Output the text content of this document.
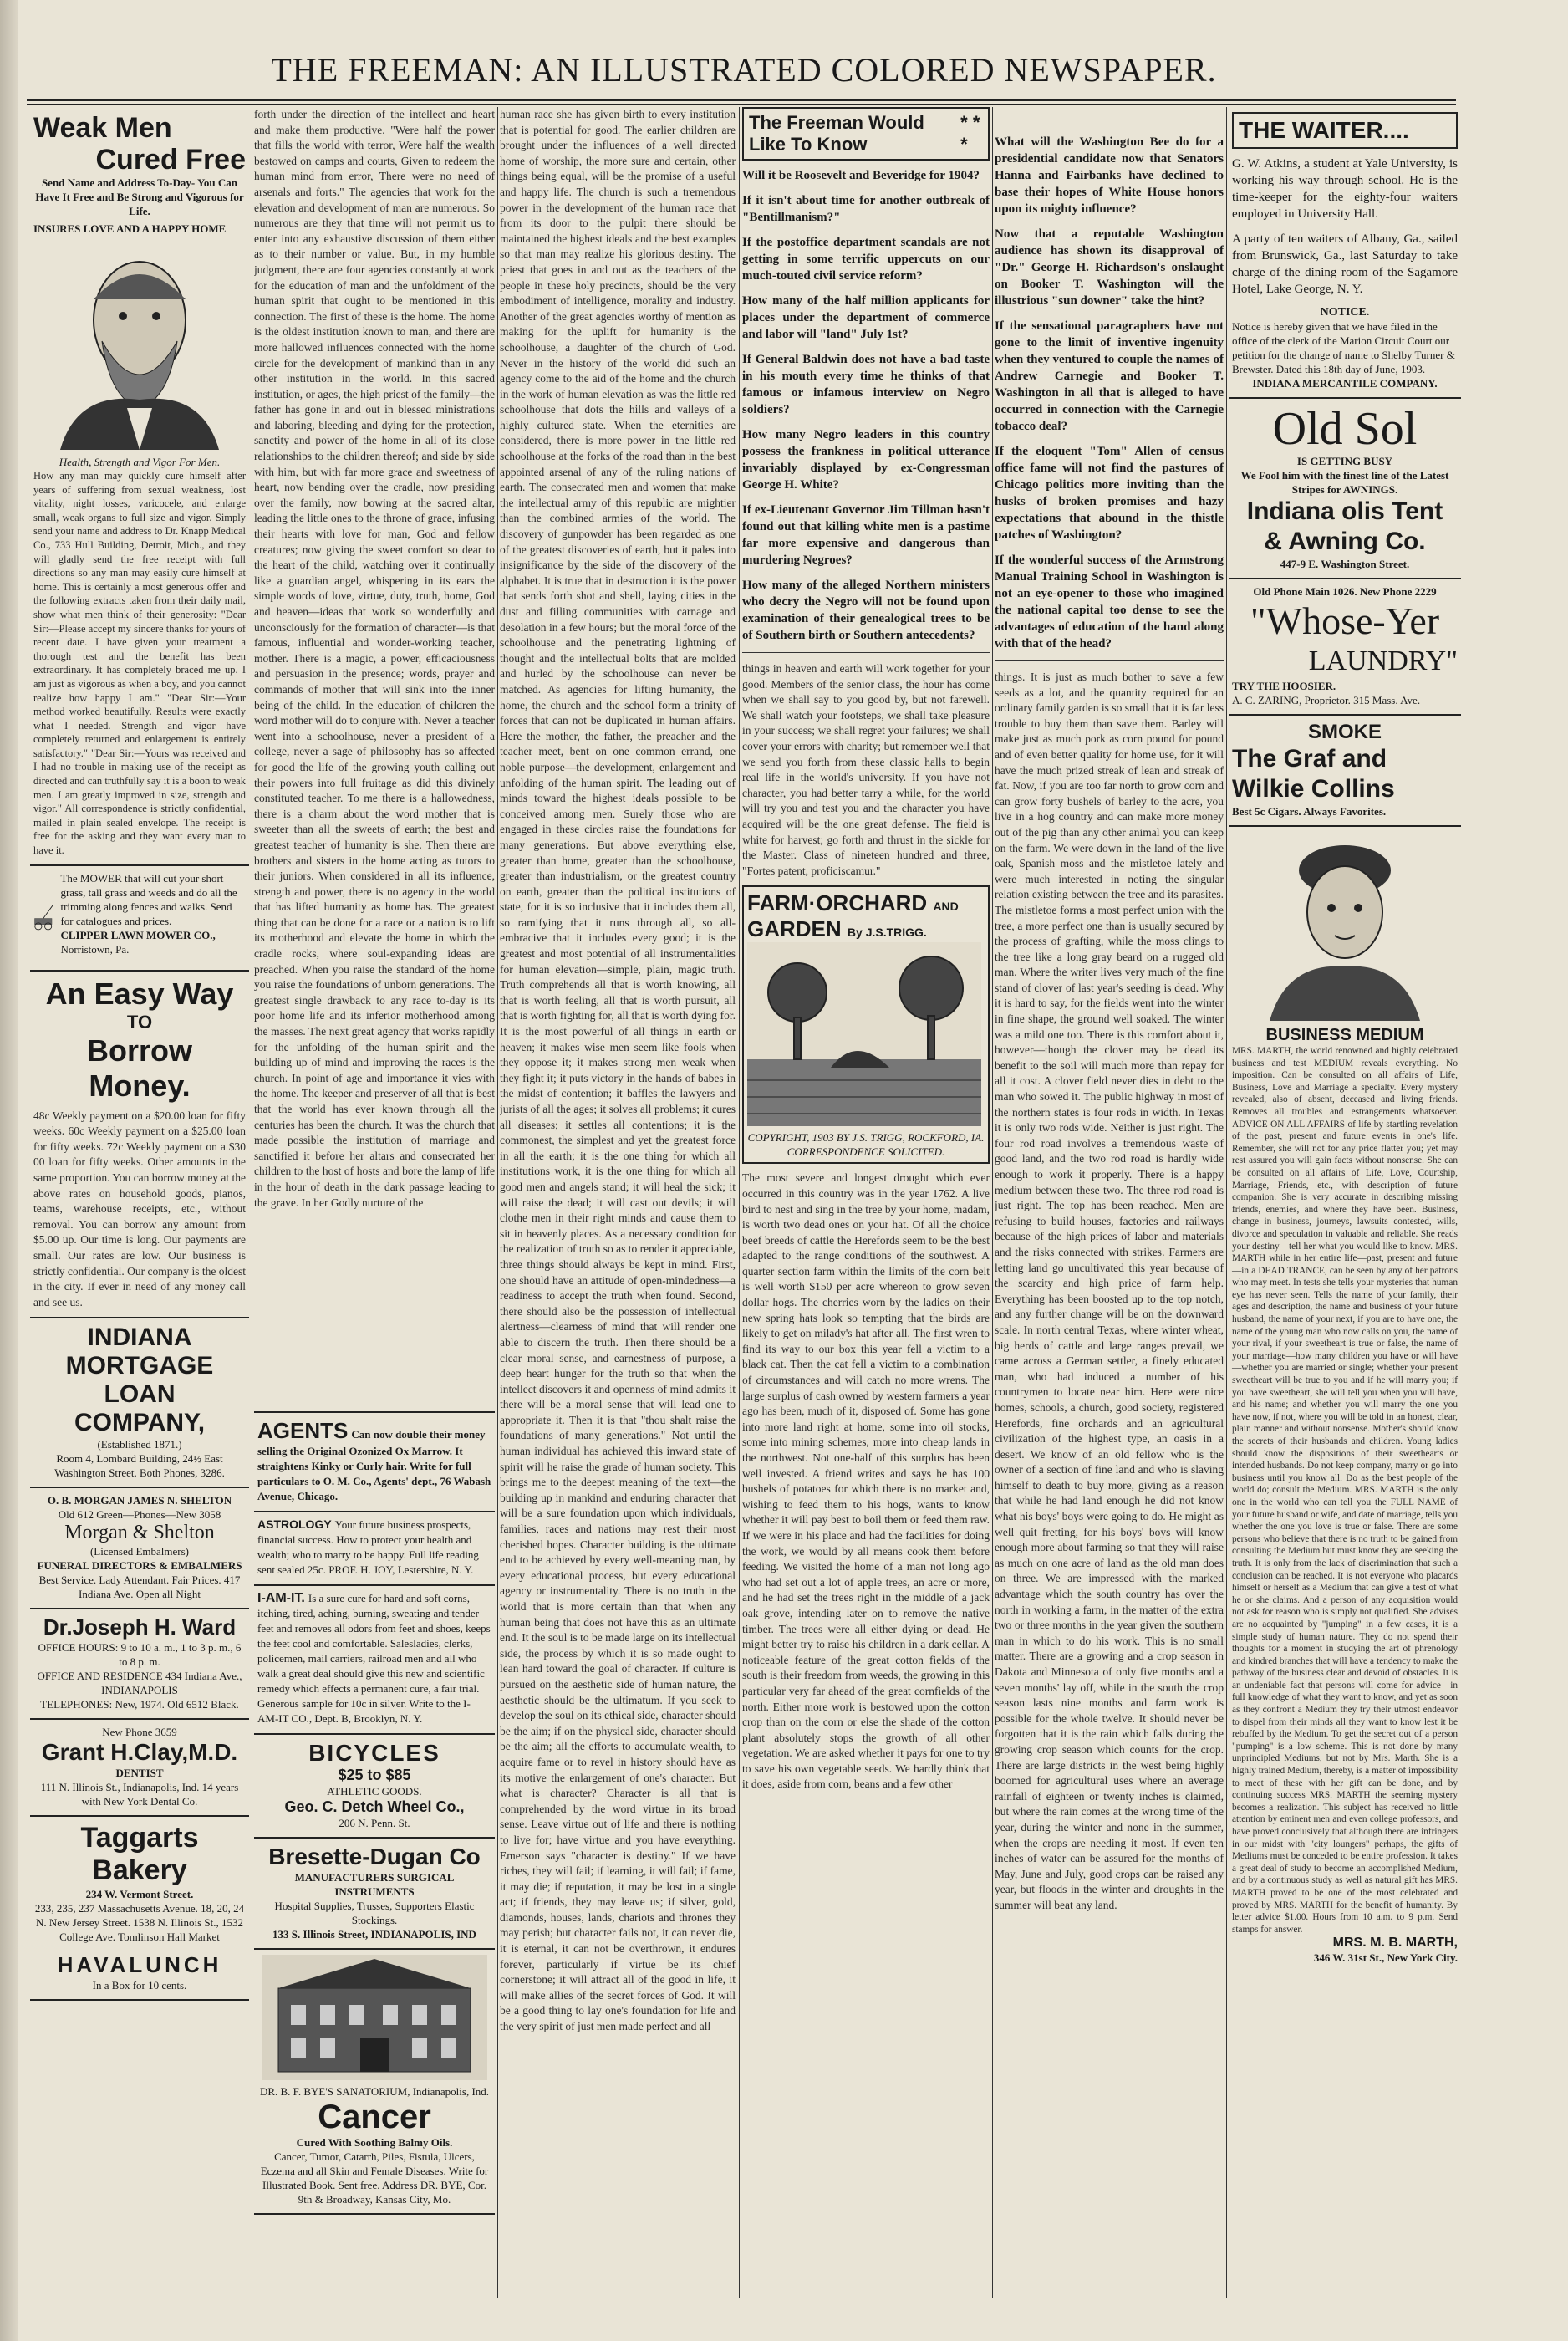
THE FREEMAN: AN ILLUSTRATED COLORED NEWSPAPER.
Weak Men
Cured Free
Send Name and Address To-Day- You Can Have It Free and Be Strong and Vigorous for Life.
INSURES LOVE AND A HAPPY HOME
Health, Strength and Vigor For Men.
How any man may quickly cure himself after years of suffering from sexual weakness, lost vitality, night losses, varicocele, and enlarge small, weak organs to full size and vigor. Simply send your name and address to Dr. Knapp Medical Co., 733 Hull Building, Detroit, Mich., and they will gladly send the free receipt with full directions so any man may easily cure himself at home. This is certainly a most generous offer and the following extracts taken from their daily mail, show what men think of their generosity: "Dear Sir:—Please accept my sincere thanks for yours of recent date. I have given your treatment a thorough test and the benefit has been extraordinary. It has completely braced me up. I am just as vigorous as when a boy, and you cannot realize how happy I am." "Dear Sir:—Your method worked beautifully. Results were exactly what I needed. Strength and vigor have completely returned and enlargement is entirely satisfactory." "Dear Sir:—Yours was received and I had no trouble in making use of the receipt as directed and can truthfully say it is a boon to weak men. I am greatly improved in size, strength and vigor." All correspondence is strictly confidential, mailed in plain sealed envelope. The receipt is free for the asking and they want every man to have it.
The MOWER that will cut your short grass, tall grass and weeds and do all the trimming along fences and walks. Send for catalogues and prices.
CLIPPER LAWN MOWER CO.,
Norristown, Pa.
An Easy Way
TO
Borrow Money.
48c Weekly payment on a $20.00 loan for fifty weeks. 60c Weekly payment on a $25.00 loan for fifty weeks. 72c Weekly payment on a $30 00 loan for fifty weeks. Other amounts in the same proportion. You can borrow money at the above rates on household goods, pianos, teams, warehouse receipts, etc., without removal. You can borrow any amount from $5.00 up. Our time is long. Our payments are small. Our rates are low. Our business is strictly confidential. Our company is the oldest in the city. If ever in need of any money call and see us.
INDIANA
MORTGAGE LOAN
COMPANY,
(Established 1871.)
Room 4, Lombard Building, 24½ East Washington Street. Both Phones, 3286.
O. B. MORGAN JAMES N. SHELTON
Old 612 Green—Phones—New 3058
Morgan & Shelton
(Licensed Embalmers)
FUNERAL DIRECTORS & EMBALMERS
Best Service. Lady Attendant. Fair Prices. 417 Indiana Ave. Open all Night
Dr.Joseph H. Ward
OFFICE HOURS: 9 to 10 a. m., 1 to 3 p. m., 6 to 8 p. m.
OFFICE AND RESIDENCE 434 Indiana Ave., INDIANAPOLIS
TELEPHONES: New, 1974. Old 6512 Black.
New Phone 3659
Grant H.Clay,M.D.
DENTIST
111 N. Illinois St., Indianapolis, Ind. 14 years with New York Dental Co.
Taggarts Bakery
234 W. Vermont Street.
233, 235, 237 Massachusetts Avenue. 18, 20, 24 N. New Jersey Street. 1538 N. Illinois St., 1532 College Ave. Tomlinson Hall Market
HAVALUNCH
In a Box for 10 cents.
forth under the direction of the intellect and heart and make them productive. "Were half the power that fills the world with terror, Were half the wealth bestowed on camps and courts, Given to redeem the human mind from error, There were no need of arsenals and forts." The agencies that work for the elevation and development of man are numerous. So numerous are they that time will not permit us to enter into any exhaustive discussion of them either as to their number or value. But, in my humble judgment, there are four agencies constantly at work for the education of man and the unfoldment of the human spirit that ought to be mentioned in this connection. The first of these is the home. The home is the oldest institution known to man, and there are more hallowed influences connected with the home circle for the development of mankind than in any other institution in the world. In this sacred institution, or ages, the high priest of the family—the father has gone in and out in blessed ministrations and laboring, bleeding and dying for the protection, sanctity and power of the home in all of its close relationships to the children thereof; and side by side with him, but with far more grace and sweetness of heart, now bending over the cradle, now presiding over the family, now bowing at the sacred altar, leading the little ones to the throne of grace, infusing their hearts with love for man, God and fellow creatures; now giving the sweet comfort so dear to the heart of the child, watching over it continually like a guardian angel, whispering in its ears the simple words of love, virtue, duty, truth, home, God and heaven—ideas that work so wonderfully and unconsciously for the formation of character—is that famous, influential and wonder-working teacher, mother. There is a magic, a power, efficaciousness and persuasion in the presence; words, prayer and commands of mother that will sink into the inner being of the child. In the education of children the word mother will do to conjure with. Never a teacher went into a schoolhouse, never a president of a college, never a sage of philosophy has so affected for good the life of the growing youth calling out their powers into full fruitage as did this divinely constituted teacher. To me there is a hallowedness, there is a charm about the word mother that is sweeter than all the sweets of earth; the best and greatest teacher of humanity is she. Then there are brothers and sisters in the home acting as tutors to their juniors. When considered in all its influence, strength and power, there is no agency in the world that has lifted humanity as home has. The greatest thing that can be done for a race or a nation is to lift its motherhood and elevate the home in which the cradle rocks, where soul-expanding ideas are preached. When you raise the standard of the home you raise the foundations of unborn generations. The greatest single drawback to any race to-day is its poor home life and its inferior motherhood among the masses. The next great agency that works rapidly for the unfolding of the human spirit and the building up of mind and improving the races is the church. In point of age and importance it vies with the home. The keeper and preserver of all that is best that the world has ever known through all the centuries has been the church. It was the church that made possible the institution of marriage and sanctified it before her altars and consecrated her children to the host of hosts and bore the lamp of life in the hour of death in the dark passage leading to the grave. In her Godly nurture of the
AGENTS Can now double their money selling the Original Ozonized Ox Marrow. It straightens Kinky or Curly hair. Write for full particulars to O. M. Co., Agents' dept., 76 Wabash Avenue, Chicago.
ASTROLOGY Your future business prospects, financial success. How to protect your health and wealth; who to marry to be happy. Full life reading sent sealed 25c. PROF. H. JOY, Lestershire, N. Y.
I-AM-IT. Is a sure cure for hard and soft corns, itching, tired, aching, burning, sweating and tender feet and removes all odors from feet and shoes, keeps the feet cool and comfortable. Salesladies, clerks, policemen, mail carriers, railroad men and all who walk a great deal should give this new and scientific remedy which effects a permanent cure, a fair trial. Generous sample for 10c in silver. Write to the I-AM-IT CO., Dept. B, Brooklyn, N. Y.
BICYCLES
$25 to $85
ATHLETIC GOODS.
Geo. C. Detch Wheel Co.,
206 N. Penn. St.
Bresette-Dugan Co
MANUFACTURERS SURGICAL INSTRUMENTS
Hospital Supplies, Trusses, Supporters Elastic Stockings.
133 S. Illinois Street, INDIANAPOLIS, IND
DR. B. F. BYE'S SANATORIUM, Indianapolis, Ind.
Cancer
Cured With Soothing Balmy Oils.
Cancer, Tumor, Catarrh, Piles, Fistula, Ulcers, Eczema and all Skin and Female Diseases. Write for Illustrated Book. Sent free. Address DR. BYE, Cor. 9th & Broadway, Kansas City, Mo.
human race she has given birth to every institution that is potential for good. The earlier children are brought under the influences of a well directed home of worship, the more sure and certain, other things being equal, will be the promise of a useful and happy life. The church is such a tremendous power in the development of the human race that from its door to the pulpit there should be maintained the highest ideals and the best examples so that man may realize his glorious destiny. The priest that goes in and out as the teachers of the people in these holy precincts, should be the very embodiment of intelligence, morality and industry. Another of the great agencies worthy of mention as making for the uplift for humanity is the schoolhouse, a daughter of the church of God. Never in the history of the world did such an agency come to the aid of the home and the church in the work of human elevation as was the little red schoolhouse that dots the hills and valleys of a highly cultured state. When the eternities are considered, there is more power in the little red schoolhouse at the forks of the road than in the best appointed arsenal of any of the ruling nations of earth. The consecrated men and women that make the intellectual army of this republic are mightier than the combined armies of the world. The discovery of gunpowder has been regarded as one of the greatest discoveries of earth, but it pales into insignificance by the side of the discovery of the alphabet. It is true that in destruction it is the power that sends forth shot and shell, laying cities in the dust and filling communities with carnage and desolation in a few hours; but the moral force of the schoolhouse and the penetrating lightning of thought and the intellectual bolts that are molded and hurled by the schoolhouse can never be matched. As agencies for lifting humanity, the home, the church and the school form a trinity of forces that can not be duplicated in human affairs. Here the mother, the father, the preacher and the teacher meet, bent on one common errand, one noble purpose—the development, enlargement and unfolding of the human spirit. The leading out of minds toward the highest ideals possible to be conceived among men. Surely those who are engaged in these circles raise the foundations for many generations. But above everything else, greater than home, greater than the schoolhouse, greater than industrialism, or the greatest country on earth, greater than the political institutions of state, for it is so inclusive that it includes them all, so ramifying that it runs through all, so all-embracive that it includes every good; it is the greatest and most potential of all instrumentalities for human elevation—simple, plain, magic truth. Truth comprehends all that is worth knowing, all that is worth feeling, all that is worth pursuit, all that is worth fighting for, all that is worth dying for. It is the most powerful of all things in earth or heaven; it makes wise men seem like fools when they oppose it; it makes strong men weak when they fight it; it puts victory in the hands of babes in the midst of contention; it baffles the lawyers and jurists of all the ages; it solves all problems; it cures all diseases; it settles all contentions; it is the commonest, the simplest and yet the greatest force in all the earth; it is the one thing for which all institutions work, it is the one thing for which all good men and angels stand; it will heal the sick; it will raise the dead; it will cast out devils; it will clothe men in their right minds and cause them to sit in heavenly places. As a necessary condition for the realization of truth so as to render it appreciable, three things should always be kept in mind. First, one should have an attitude of open-mindedness—a readiness to accept the truth when found. Second, there should also be the possession of intellectual alertness—clearness of mind that will render one able to discern the truth. Then there should be a clear moral sense, and earnestness of purpose, a deep heart hunger for the truth so that when the intellect discovers it and openness of mind admits it there will be a moral sense that will lead one to appropriate it. Then it is that "thou shalt raise the foundations of many generations." Not until the human individual has achieved this inward state of spirit will he raise the grade of human society. This brings me to the deepest meaning of the text—the building up in mankind and enduring character that will be a sure foundation upon which individuals, families, races and nations may rest their most cherished hopes. Character building is the ultimate end to be achieved by every well-meaning man, by every educational process, but every educational agency or instrumentality. There is no truth in the world that is more certain than that when any human being that does not have this as an ultimate end. It the soul is to be made large on its intellectual side, the process by which it is so made ought to lean hard toward the goal of character. If culture is pursued on the aesthetic side of human nature, the aesthetic should be the ultimatum. If you seek to develop the soul on its ethical side, character should be the aim; if on the physical side, character should be the aim; all the efforts to accumulate wealth, to acquire fame or to revel in history should have as its motive the enlargement of one's character. But what is character? Character is all that is comprehended by the word virtue in its broad sense. Leave virtue out of life and there is nothing to live for; have virtue and you have everything. Emerson says "character is destiny." If we have riches, they will fail; if learning, it will fail; if fame, it may die; if reputation, it may be lost in a single act; if friends, they may leave us; if silver, gold, diamonds, houses, lands, chariots and thrones they may perish; but character fails not, it can never die, it is eternal, it can not be overthrown, it endures forever, particularly if virtue be its chief cornerstone; it will attract all of the good in life, it will make allies of the secret forces of God. It will be a good thing to lay one's foundation for life and the very spirit of just men made perfect and all
The Freeman Would Like To Know
* * *
Will it be Roosevelt and Beveridge for 1904?
If it isn't about time for another outbreak of "Bentillmanism?"
If the postoffice department scandals are not getting in some terrific uppercuts on our much-touted civil service reform?
How many of the half million applicants for places under the department of commerce and labor will "land" July 1st?
If General Baldwin does not have a bad taste in his mouth every time he thinks of that famous or infamous interview on Negro soldiers?
How many Negro leaders in this country possess the frankness in political utterance invariably displayed by ex-Congressman George H. White?
If ex-Lieutenant Governor Jim Tillman hasn't found out that killing white men is a pastime far more expensive and dangerous than murdering Negroes?
How many of the alleged Northern ministers who decry the Negro will not be found upon examination of their genealogical trees to be of Southern birth or Southern antecedents?
things in heaven and earth will work together for your good. Members of the senior class, the hour has come when we shall say to you good by, but not farewell. We shall watch your footsteps, we shall take pleasure in your success; we shall regret your failures; we shall cover your errors with charity; but remember well that we send you forth from these classic halls to begin real life in the world's university. If you have not character, you had better tarry a while, for the world will try you and test you and the character you have acquired will be the one great defense. The field is white for harvest; go forth and thrust in the sickle for the Master. Class of nineteen hundred and three, "Fortes patent, proficiscamur."
FARM·ORCHARD AND
GARDEN By J.S.TRIGG.
COPYRIGHT, 1903 BY J.S. TRIGG, ROCKFORD, IA. CORRESPONDENCE SOLICITED.
The most severe and longest drought which ever occurred in this country was in the year 1762. A live bird to nest and sing in the tree by your home, madam, is worth two dead ones on your hat. Of all the choice beef breeds of cattle the Herefords seem to be the best adapted to the range conditions of the southwest. A quarter section farm within the limits of the corn belt is well worth $150 per acre whereon to grow seven dollar hogs. The cherries worn by the ladies on their new spring hats look so tempting that the birds are likely to get on milady's hat after all. The first wren to find its way to our box this year fell a victim to a black cat. Then the cat fell a victim to a combination of circumstances and will catch no more wrens. The large surplus of cash owned by western farmers a year ago has been, much of it, disposed of. Some has gone into more land right at home, some into oil stocks, some into mining schemes, more into cheap lands in the northwest. Not one-half of this surplus has been well invested. A friend writes and says he has 100 bushels of potatoes for which there is no market and, wishing to feed them to his hogs, wants to know whether it will pay best to boil them or feed them raw. If we were in his place and had the facilities for doing the work, we would by all means cook them before feeding. We visited the home of a man not long ago who had set out a lot of apple trees, an acre or more, and he had set the trees right in the middle of a jack oak grove, intending later on to remove the native timber. The trees were all either dying or dead. He might better try to raise his children in a dark cellar. A noticeable feature of the great cotton fields of the south is their freedom from weeds, the growing in this particular very far ahead of the great cornfields of the north. Either more work is bestowed upon the cotton crop than on the corn or else the shade of the cotton plant absolutely stops the growth of all other vegetation. We are asked whether it pays for one to try to save his own vegetable seeds. We hardly think that it does, aside from corn, beans and a few other
What will the Washington Bee do for a presidential candidate now that Senators Hanna and Fairbanks have declined to base their hopes of White House honors upon its mighty influence?
Now that a reputable Washington audience has shown its disapproval of "Dr." George H. Richardson's onslaught on Booker T. Washington will the illustrious "sun downer" take the hint?
If the sensational paragraphers have not gone to the limit of inventive ingenuity when they ventured to couple the names of Andrew Carnegie and Booker T. Washington in all that is alleged to have occurred in connection with the Carnegie tobacco deal?
If the eloquent "Tom" Allen of census office fame will not find the pastures of Chicago politics more inviting than the husks of broken promises and hazy expectations that abound in the thistle patches of Washington?
If the wonderful success of the Armstrong Manual Training School in Washington is not an eye-opener to those who imagined the national capital too dense to see the advantages of education of the hand along with that of the head?
things. It is just as much bother to save a few seeds as a lot, and the quantity required for an ordinary family garden is so small that it is far less trouble to buy them than save them. Barley will make just as much pork as corn pound for pound and of even better quality for home use, for it will have the much prized streak of lean and streak of fat. Now, if you are too far north to grow corn and can grow forty bushels of barley to the acre, you live in a hog country and can make more money out of the pig than any other animal you can keep on the farm. We were down in the land of the live oak, Spanish moss and the mistletoe lately and were much interested in noting the singular relation existing between the tree and its parasites. The mistletoe forms a most perfect union with the tree, a more perfect one than is usually secured by the process of grafting, while the moss clings to the tree like a long gray beard on a rugged old man. Where the writer lives very much of the fine stand of clover of last year's seeding is dead. Why it is hard to say, for the fields went into the winter in fine shape, the ground well soaked. The winter was a mild one too. There is this comfort about it, however—though the clover may be dead its benefit to the soil will much more than repay for all it cost. A clover field never dies in debt to the man who sowed it. The public highway in most of the northern states is four rods in width. In Texas it is only two rods wide. Neither is just right. The four rod road involves a tremendous waste of good land, and the two rod road is hardly wide enough to work it properly. There is a happy medium between these two. The three rod road is just right. The top has been reached. Men are refusing to build houses, factories and railways because of the high prices of labor and materials and the risks connected with strikes. Farmers are letting land go uncultivated this year because of the scarcity and high price of farm help. Everything has been boosted up to the top notch, and any further change will be on the downward scale. In north central Texas, where winter wheat, big herds of cattle and large ranges prevail, we came across a German settler, a finely educated man, who had induced a number of his countrymen to locate near him. Here were nice homes, schools, a church, good society, registered Herefords, fine orchards and an agricultural civilization of the highest type, an oasis in a desert. We know of an old fellow who is the owner of a section of fine land and who is slaving himself to death to buy more, giving as a reason that while he had land enough he did not know what his boys' boys were going to do. He might as well quit fretting, for his boys' boys will know enough more about farming so that they will raise as much on one acre of land as the old man does on three. We are impressed with the marked advantage which the south country has over the north in working a farm, in the matter of the extra two or three months in the year given the southern man in which to do his work. This is no small matter. There are a growing and a crop season in Dakota and Minnesota of only five months and a seven months' lay off, while in the south the crop season lasts nine months and farm work is possible for the whole twelve. It should never be forgotten that it is the rain which falls during the growing crop season which counts for the crop. There are large districts in the west being highly boomed for agricultural uses where an average rainfall of eighteen or twenty inches is claimed, but where the rain comes at the wrong time of the year, during the winter and none in the summer, when the crops are needing it most. If even ten inches of water can be assured for the months of May, June and July, good crops can be raised any year, but floods in the winter and droughts in the summer will beat any land.
THE WAITER....
G. W. Atkins, a student at Yale University, is working his way through school. He is the time-keeper for the eighty-four waiters employed in University Hall.
A party of ten waiters of Albany, Ga., sailed from Brunswick, Ga., last Saturday to take charge of the dining room of the Sagamore Hotel, Lake George, N. Y.
NOTICE.
Notice is hereby given that we have filed in the office of the clerk of the Marion Circuit Court our petition for the change of name to Shelby Turner & Brewster. Dated this 18th day of June, 1903.
INDIANA MERCANTILE COMPANY.
Old Sol
IS GETTING BUSY
We Fool him with the finest line of the Latest Stripes for AWNINGS.
Indiana olis Tent
& Awning Co.
447-9 E. Washington Street.
Old Phone Main 1026. New Phone 2229
"Whose-Yer
LAUNDRY"
TRY THE HOOSIER.
A. C. ZARING, Proprietor. 315 Mass. Ave.
SMOKE
The Graf and
Wilkie Collins
Best 5c Cigars. Always Favorites.
BUSINESS MEDIUM
MRS. MARTH, the world renowned and highly celebrated business and test MEDIUM reveals everything. No imposition. Can be consulted on all affairs of Life, Business, Love and Marriage a specialty. Every mystery revealed, also of absent, deceased and living friends. Removes all troubles and estrangements whatsoever. ADVICE ON ALL AFFAIRS of life by startling revelation of the past, present and future events in one's life. Remember, she will not for any price flatter you; yet may rest assured you will gain facts without nonsense. She can be consulted on all affairs of Life, Love, Courtship, Marriage, Friends, etc., with description of future companion. She is very accurate in describing missing friends, enemies, and where they have been. Business, change in business, journeys, lawsuits contested, wills, divorce and speculation in valuable and reliable. She reads your destiny—tell her what you would like to know. MRS. MARTH while in her entire life—past, present and future—in a DEAD TRANCE, can be seen by any of her patrons who may meet. In tests she tells your mysteries that human eye has never seen. Tells the name of your family, their ages and description, the name and business of your future husband, the name of your next, if you are to have one, the name of the young man who now calls on you, the name of your rival, if your sweetheart is true or false, the name of your marriage—how many children you have or will have—whether you are married or single; whether your present sweetheart will be true to you and if he will marry you; if you have sweetheart, she will tell you when you will have, and his name; and whether you will marry the one you have now, if not, where you will be told in an honest, clear, plain manner and without nonsense. Mother's should know the secrets of their husbands and children. Young ladies should know the dispositions of their sweethearts or intended husbands. Do not keep company, marry or go into business until you know all. Do as the best people of the world do; consult the Medium. MRS. MARTH is the only one in the world who can tell you the FULL NAME of your future husband or wife, and date of marriage, tells you whether the one you love is true or false. There are some persons who believe that there is no truth to be gained from consulting the Medium but must know they are seeking the truth. It is only from the lack of discrimination that such a conclusion can be reached. It is not everyone who placards himself or herself as a Medium that can give a test of what he or she claims. And a person of any acquisition would not ask for reason who is simply not qualified. She advises are no acquainted by "jumping" in a few cases, it is a simple study of human nature. They do not spend their thoughts for a moment in studying the art of phrenology and kindred branches that will have a tendency to make the pathway of the business clear and devoid of obstacles. It is an undeniable fact that persons will come for advice—in full knowledge of what they want to know, and yet as soon as they confront a Medium they try their utmost endeavor to dispel from their minds all they want to know lest it be rebuffed by the Medium. To get the secret out of a person "pumping" is a low scheme. This is not done by many unprincipled Mediums, but not by Mrs. Marth. She is a highly trained Medium, thereby, is a matter of impossibility to meet of these with her gift can be done, and by continuing success MRS. MARTH the seeming mystery becomes a realization. This subject has received no little attention by eminent men and even college professors, and have proved conclusively that although there are infringers in our midst with "city loungers" perhaps, the gifts of Mediums must be conceded to be entire profession. It takes a great deal of study to become an accomplished Medium, and by a continuous study as well as natural gift has MRS. MARTH proved to be one of the most celebrated and proved by MRS. MARTH for the benefit of humanity. By letter advice $1.00. Hours from 10 a.m. to 9 p.m. Send stamps for answer.
MRS. M. B. MARTH,
346 W. 31st St., New York City.
